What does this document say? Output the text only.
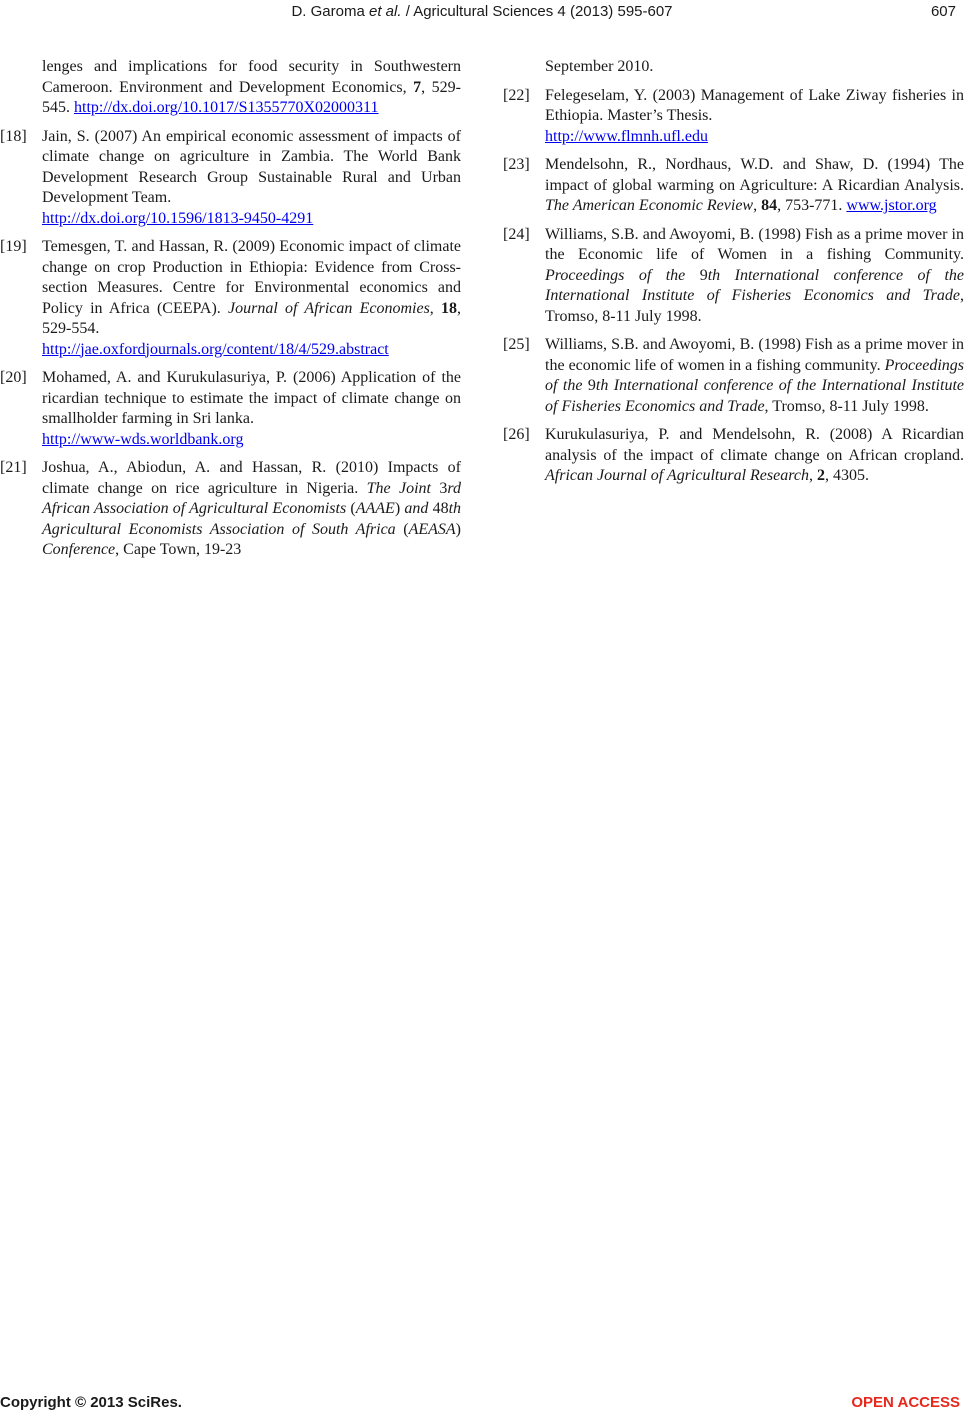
D. Garoma et al. / Agricultural Sciences 4 (2013) 595-607	607
lenges and implications for food security in Southwestern Cameroon. Environment and Development Economics, 7, 529-545. http://dx.doi.org/10.1017/S1355770X02000311
[18] Jain, S. (2007) An empirical economic assessment of impacts of climate change on agriculture in Zambia. The World Bank Development Research Group Sustainable Rural and Urban Development Team.
http://dx.doi.org/10.1596/1813-9450-4291
[19] Temesgen, T. and Hassan, R. (2009) Economic impact of climate change on crop Production in Ethiopia: Evidence from Cross-section Measures. Centre for Environmental economics and Policy in Africa (CEEPA). Journal of African Economies, 18, 529-554.
http://jae.oxfordjournals.org/content/18/4/529.abstract
[20] Mohamed, A. and Kurukulasuriya, P. (2006) Application of the ricardian technique to estimate the impact of climate change on smallholder farming in Sri lanka.
http://www-wds.worldbank.org
[21] Joshua, A., Abiodun, A. and Hassan, R. (2010) Impacts of climate change on rice agriculture in Nigeria. The Joint 3rd African Association of Agricultural Economists (AAAE) and 48th Agricultural Economists Association of South Africa (AEASA) Conference, Cape Town, 19-23
September 2010.
[22] Felegeselam, Y. (2003) Management of Lake Ziway fisheries in Ethiopia. Master’s Thesis.
http://www.flmnh.ufl.edu
[23] Mendelsohn, R., Nordhaus, W.D. and Shaw, D. (1994) The impact of global warming on Agriculture: A Ricardian Analysis. The American Economic Review, 84, 753-771. www.jstor.org
[24] Williams, S.B. and Awoyomi, B. (1998) Fish as a prime mover in the Economic life of Women in a fishing Community. Proceedings of the 9th International conference of the International Institute of Fisheries Economics and Trade, Tromso, 8-11 July 1998.
[25] Williams, S.B. and Awoyomi, B. (1998) Fish as a prime mover in the economic life of women in a fishing community. Proceedings of the 9th International conference of the International Institute of Fisheries Economics and Trade, Tromso, 8-11 July 1998.
[26] Kurukulasuriya, P. and Mendelsohn, R. (2008) A Ricardian analysis of the impact of climate change on African cropland. African Journal of Agricultural Research, 2, 4305.
Copyright © 2013 SciRes.	OPEN ACCESS
